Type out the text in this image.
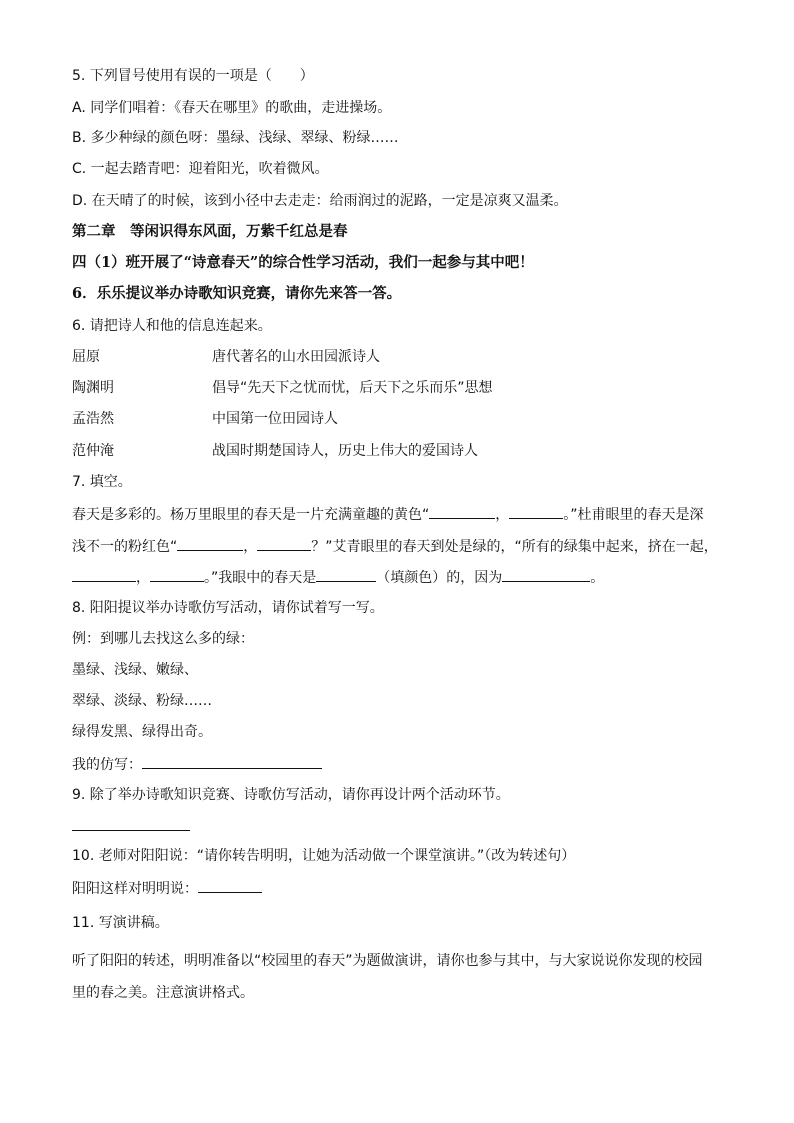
5. 下列冒号使用有误的一项是（　　）
A. 同学们唱着：《春天在哪里》的歌曲，走进操场。
B. 多少种绿的颜色呀：墨绿、浅绿、翠绿、粉绿……
C. 一起去踏青吧：迎着阳光，吹着微风。
D. 在天晴了的时候，该到小径中去走走：给雨润过的泥路，一定是凉爽又温柔。
第二章　等闲识得东风面，万紫千红总是春
四（1）班开展了“诗意春天”的综合性学习活动，我们一起参与其中吧！
6．乐乐提议举办诗歌知识竞赛，请你先来答一答。
6. 请把诗人和他的信息连起来。
屈原	唐代著名的山水田园派诗人
陶渊明	倡导“先天下之忧而忧，后天下之乐而乐”思想
孟浩然	中国第一位田园诗人
范仲淹	战国时期楚国诗人，历史上伟大的爱国诗人
7. 填空。
春天是多彩的。杨万里眼里的春天是一片充满童趣的黄色“	，	。”杜甫眼里的春天是深
浅不一的粉红色“	，	？”艾青眼里的春天到处是绿的，“所有的绿集中起来，挤在一起，
，	。”我眼中的春天是	（填颜色）的，因为	。
8. 阳阳提议举办诗歌仿写活动，请你试着写一写。
例：到哪儿去找这么多的绿：
墨绿、浅绿、嫩绿、
翠绿、淡绿、粉绿……
绿得发黑、绿得出奇。
我的仿写：
9. 除了举办诗歌知识竞赛、诗歌仿写活动，请你再设计两个活动环节。
10. 老师对阳阳说：“请你转告明明，让她为活动做一个课堂演讲。”（改为转述句）
阳阳这样对明明说：
11. 写演讲稿。
听了阳阳的转述，明明准备以“校园里的春天”为题做演讲，请你也参与其中，与大家说说你发现的校园
里的春之美。注意演讲格式。
